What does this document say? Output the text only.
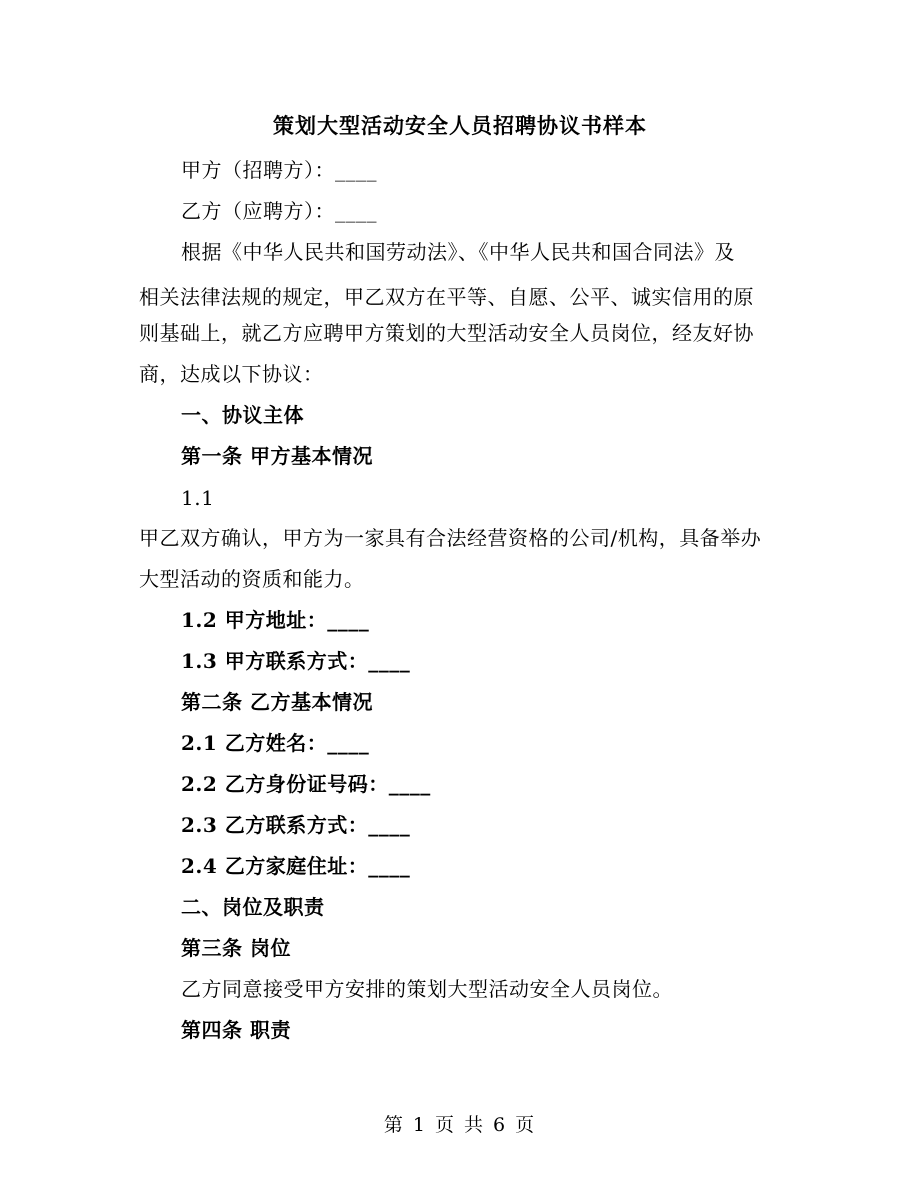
策划大型活动安全人员招聘协议书样本
甲方（招聘方）：____
乙方（应聘方）：____
根据《中华人民共和国劳动法》、《中华人民共和国合同法》及
相关法律法规的规定，甲乙双方在平等、自愿、公平、诚实信用的原
则基础上，就乙方应聘甲方策划的大型活动安全人员岗位，经友好协
商，达成以下协议：
一、协议主体
第一条 甲方基本情况
1.1
甲乙双方确认，甲方为一家具有合法经营资格的公司/机构，具备举办
大型活动的资质和能力。
1.2 甲方地址：____
1.3 甲方联系方式：____
第二条 乙方基本情况
2.1 乙方姓名：____
2.2 乙方身份证号码：____
2.3 乙方联系方式：____
2.4 乙方家庭住址：____
二、岗位及职责
第三条 岗位
乙方同意接受甲方安排的策划大型活动安全人员岗位。
第四条 职责
第 1 页 共 6 页
